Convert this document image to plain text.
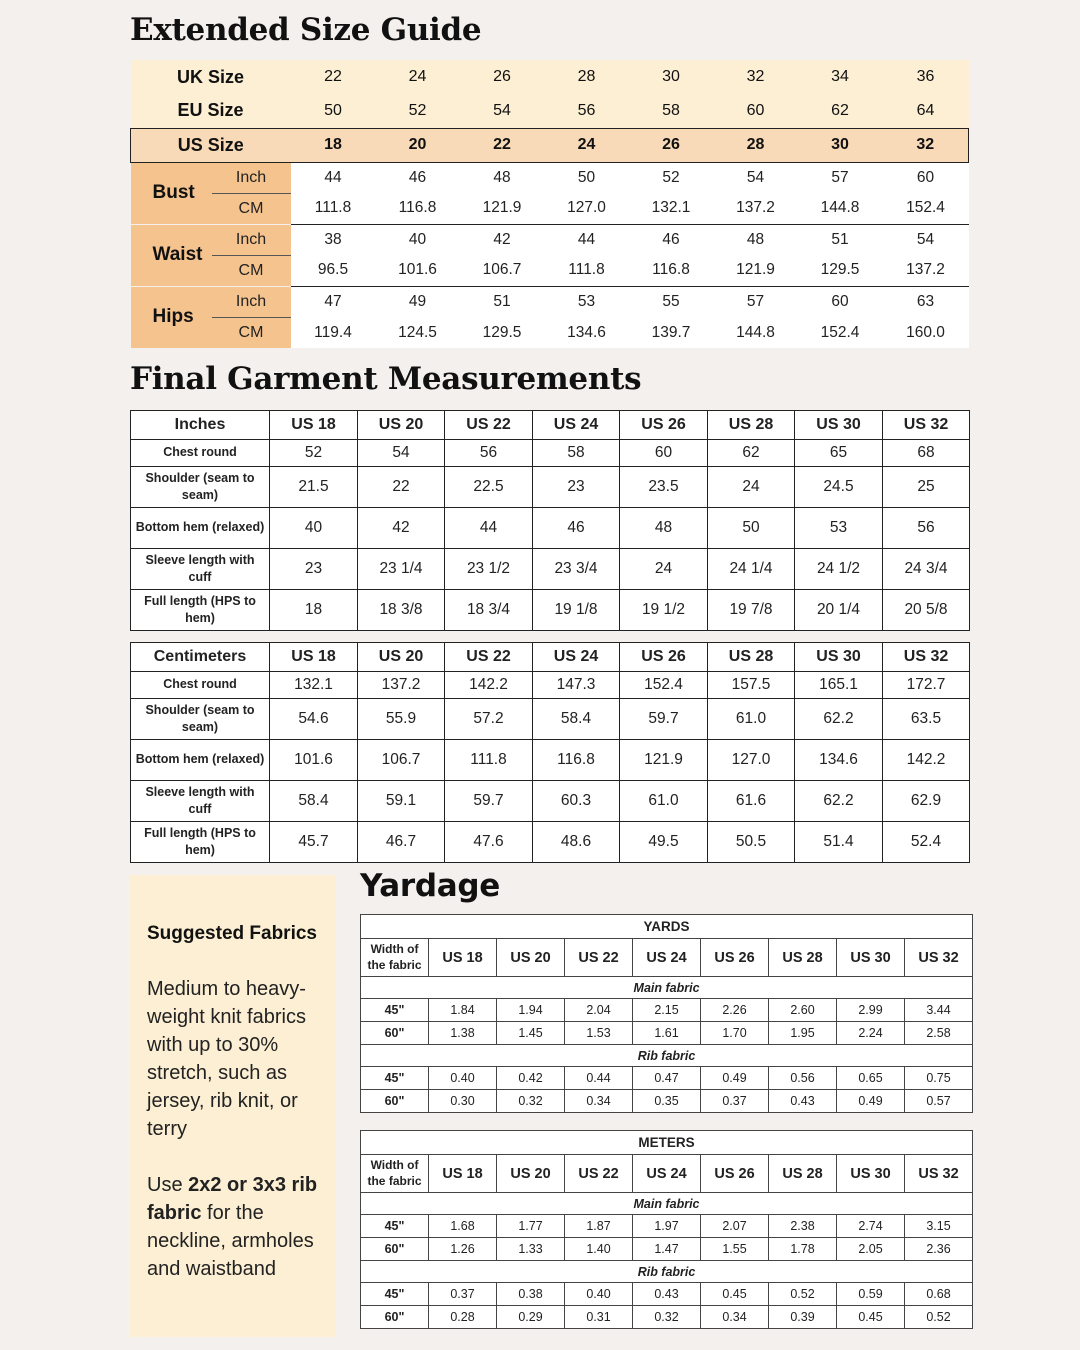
Extended Size Guide
UK Size		22	24	26	28	30	32	34	36
EU Size		50	52	54	56	58	60	62	64
US Size		18	20	22	24	26	28	30	32
Bust	Inch	44	46	48	50	52	54	57	60
	CM	111.8	116.8	121.9	127.0	132.1	137.2	144.8	152.4
Waist	Inch	38	40	42	44	46	48	51	54
	CM	96.5	101.6	106.7	111.8	116.8	121.9	129.5	137.2
Hips	Inch	47	49	51	53	55	57	60	63
	CM	119.4	124.5	129.5	134.6	139.7	144.8	152.4	160.0
Final Garment Measurements
Inches	US 18	US 20	US 22	US 24	US 26	US 28	US 30	US 32
Chest round	52	54	56	58	60	62	65	68
Shoulder (seam to seam)	21.5	22	22.5	23	23.5	24	24.5	25
Bottom hem (relaxed)	40	42	44	46	48	50	53	56
Sleeve length with cuff	23	23 1/4	23 1/2	23 3/4	24	24 1/4	24 1/2	24 3/4
Full length (HPS to hem)	18	18 3/8	18 3/4	19 1/8	19 1/2	19 7/8	20 1/4	20 5/8
Centimeters	US 18	US 20	US 22	US 24	US 26	US 28	US 30	US 32
Chest round	132.1	137.2	142.2	147.3	152.4	157.5	165.1	172.7
Shoulder (seam to seam)	54.6	55.9	57.2	58.4	59.7	61.0	62.2	63.5
Bottom hem (relaxed)	101.6	106.7	111.8	116.8	121.9	127.0	134.6	142.2
Sleeve length with cuff	58.4	59.1	59.7	60.3	61.0	61.6	62.2	62.9
Full length (HPS to hem)	45.7	46.7	47.6	48.6	49.5	50.5	51.4	52.4
Suggested Fabrics

Medium to heavy-weight knit fabrics with up to 30% stretch, such as jersey, rib knit, or terry

Use 2x2 or 3x3 rib fabric for the neckline, armholes and waistband

Yardage
YARDS								
Width of the fabric	US 18	US 20	US 22	US 24	US 26	US 28	US 30	US 32
Main fabric								
45"	1.84	1.94	2.04	2.15	2.26	2.60	2.99	3.44
60"	1.38	1.45	1.53	1.61	1.70	1.95	2.24	2.58
Rib fabric								
45"	0.40	0.42	0.44	0.47	0.49	0.56	0.65	0.75
60"	0.30	0.32	0.34	0.35	0.37	0.43	0.49	0.57
METERS								
Width of the fabric	US 18	US 20	US 22	US 24	US 26	US 28	US 30	US 32
Main fabric								
45"	1.68	1.77	1.87	1.97	2.07	2.38	2.74	3.15
60"	1.26	1.33	1.40	1.47	1.55	1.78	2.05	2.36
Rib fabric								
45"	0.37	0.38	0.40	0.43	0.45	0.52	0.59	0.68
60"	0.28	0.29	0.31	0.32	0.34	0.39	0.45	0.52
